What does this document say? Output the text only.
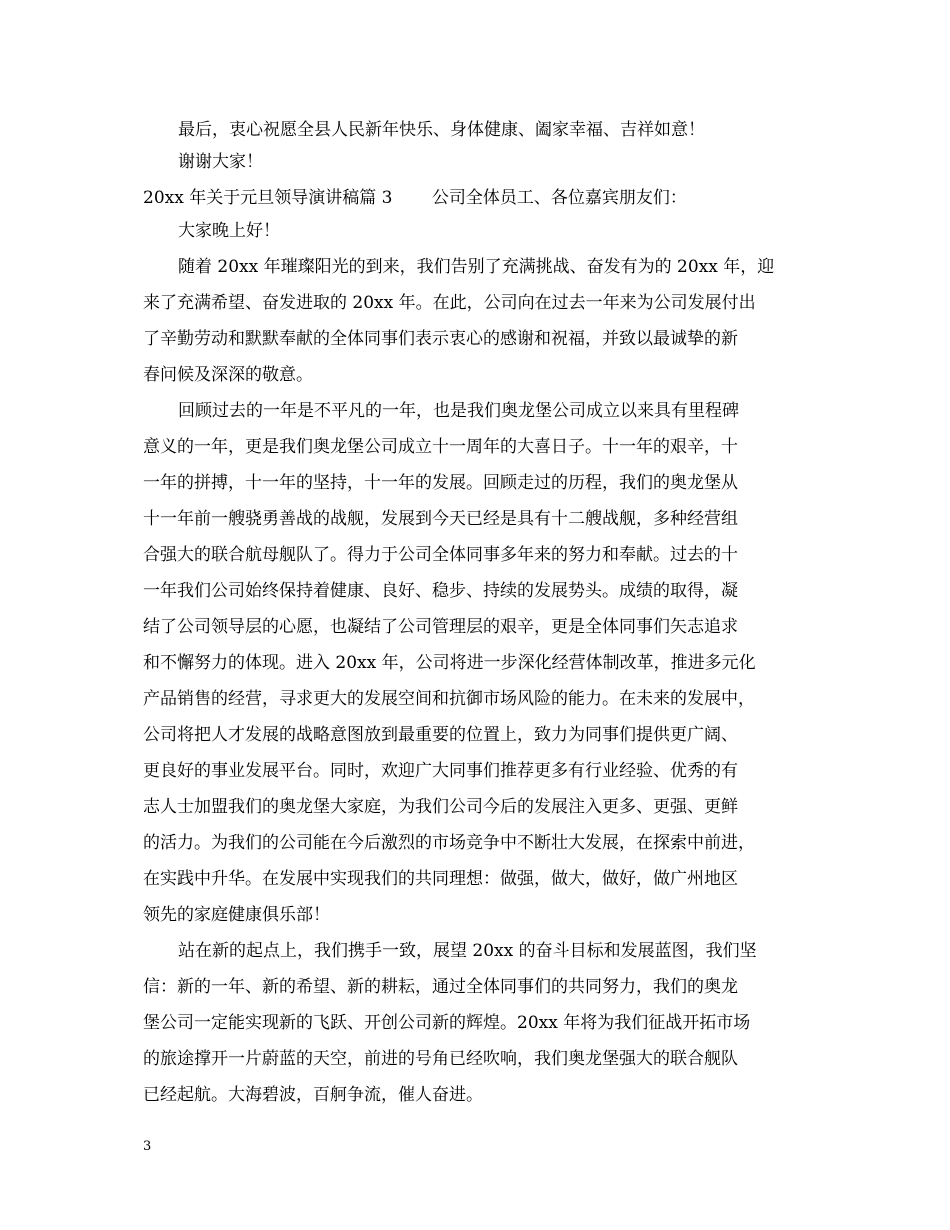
最后，衷心祝愿全县人民新年快乐、身体健康、阖家幸福、吉祥如意！
谢谢大家！
20xx 年关于元旦领导演讲稿篇 3　　 公司全体员工、各位嘉宾朋友们：
大家晚上好！
随着 20xx 年璀璨阳光的到来，我们告别了充满挑战、奋发有为的 20xx 年，迎
来了充满希望、奋发进取的 20xx 年。在此，公司向在过去一年来为公司发展付出
了辛勤劳动和默默奉献的全体同事们表示衷心的感谢和祝福，并致以最诚挚的新
春问候及深深的敬意。
回顾过去的一年是不平凡的一年，也是我们奥龙堡公司成立以来具有里程碑
意义的一年，更是我们奥龙堡公司成立十一周年的大喜日子。十一年的艰辛，十
一年的拼搏，十一年的坚持，十一年的发展。回顾走过的历程，我们的奥龙堡从
十一年前一艘骁勇善战的战舰，发展到今天已经是具有十二艘战舰，多种经营组
合强大的联合航母舰队了。得力于公司全体同事多年来的努力和奉献。过去的十
一年我们公司始终保持着健康、良好、稳步、持续的发展势头。成绩的取得，凝
结了公司领导层的心愿，也凝结了公司管理层的艰辛，更是全体同事们矢志追求
和不懈努力的体现。进入 20xx 年，公司将进一步深化经营体制改革，推进多元化
产品销售的经营，寻求更大的发展空间和抗御市场风险的能力。在未来的发展中，
公司将把人才发展的战略意图放到最重要的位置上，致力为同事们提供更广阔、
更良好的事业发展平台。同时，欢迎广大同事们推荐更多有行业经验、优秀的有
志人士加盟我们的奥龙堡大家庭，为我们公司今后的发展注入更多、更强、更鲜
的活力。为我们的公司能在今后激烈的市场竞争中不断壮大发展，在探索中前进，
在实践中升华。在发展中实现我们的共同理想：做强，做大，做好，做广州地区
领先的家庭健康俱乐部！
站在新的起点上，我们携手一致，展望 20xx 的奋斗目标和发展蓝图，我们坚
信：新的一年、新的希望、新的耕耘，通过全体同事们的共同努力，我们的奥龙
堡公司一定能实现新的飞跃、开创公司新的辉煌。20xx 年将为我们征战开拓市场
的旅途撑开一片蔚蓝的天空，前进的号角已经吹响，我们奥龙堡强大的联合舰队
已经起航。大海碧波，百舸争流，催人奋进。
3
